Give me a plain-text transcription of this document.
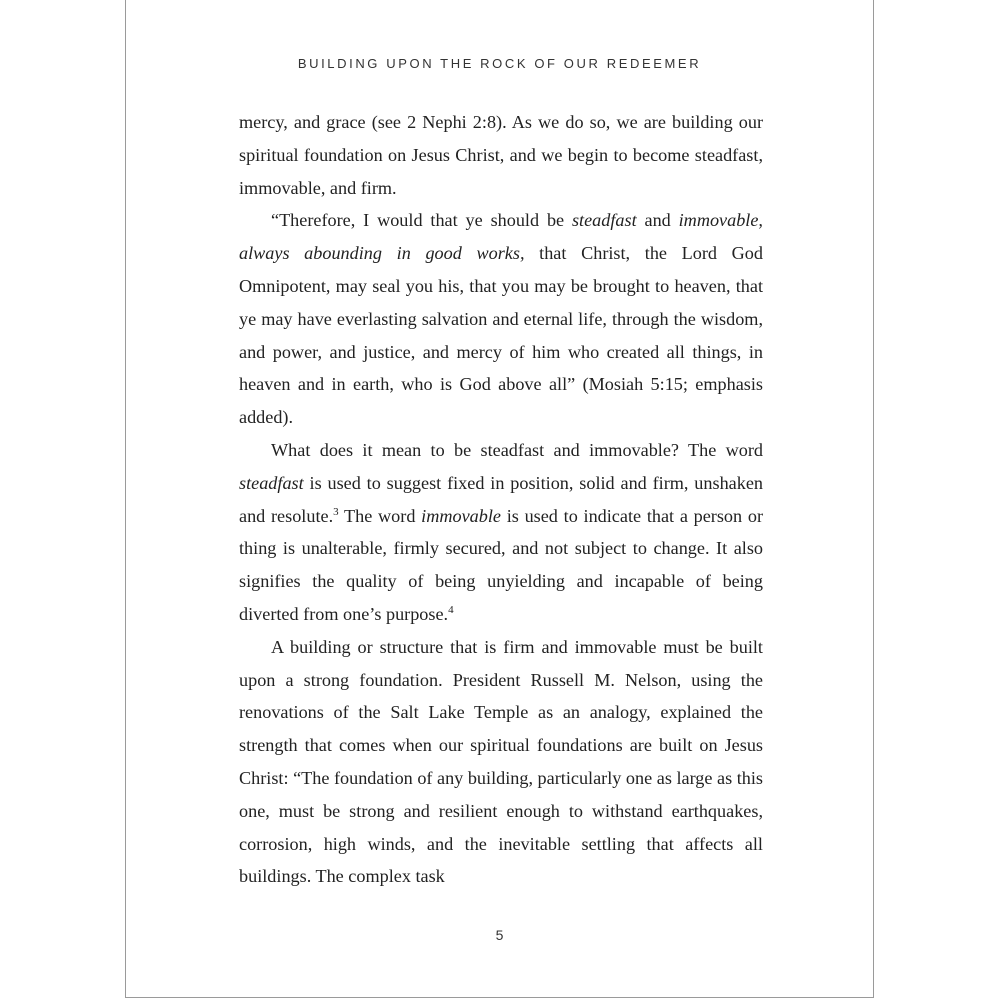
BUILDING UPON THE ROCK OF OUR REDEEMER

mercy, and grace (see 2 Nephi 2:8). As we do so, we are building our spiritual foundation on Jesus Christ, and we begin to become steadfast, immovable, and firm.

“Therefore, I would that ye should be steadfast and immovable, always abounding in good works, that Christ, the Lord God Omnipotent, may seal you his, that you may be brought to heaven, that ye may have everlasting salvation and eternal life, through the wisdom, and power, and justice, and mercy of him who created all things, in heaven and in earth, who is God above all” (Mosiah 5:15; emphasis added).

What does it mean to be steadfast and immovable? The word steadfast is used to suggest fixed in position, solid and firm, unshaken and resolute.$^3$ The word immovable is used to indicate that a person or thing is unalterable, firmly secured, and not subject to change. It also signifies the quality of being unyielding and incapable of being diverted from one’s purpose.$^4$

A building or structure that is firm and immovable must be built upon a strong foundation. President Russell M. Nelson, using the renovations of the Salt Lake Temple as an analogy, explained the strength that comes when our spiritual foundations are built on Jesus Christ: “The foundation of any building, particularly one as large as this one, must be strong and resilient enough to withstand earthquakes, corrosion, high winds, and the inevitable settling that affects all buildings. The complex task

5
